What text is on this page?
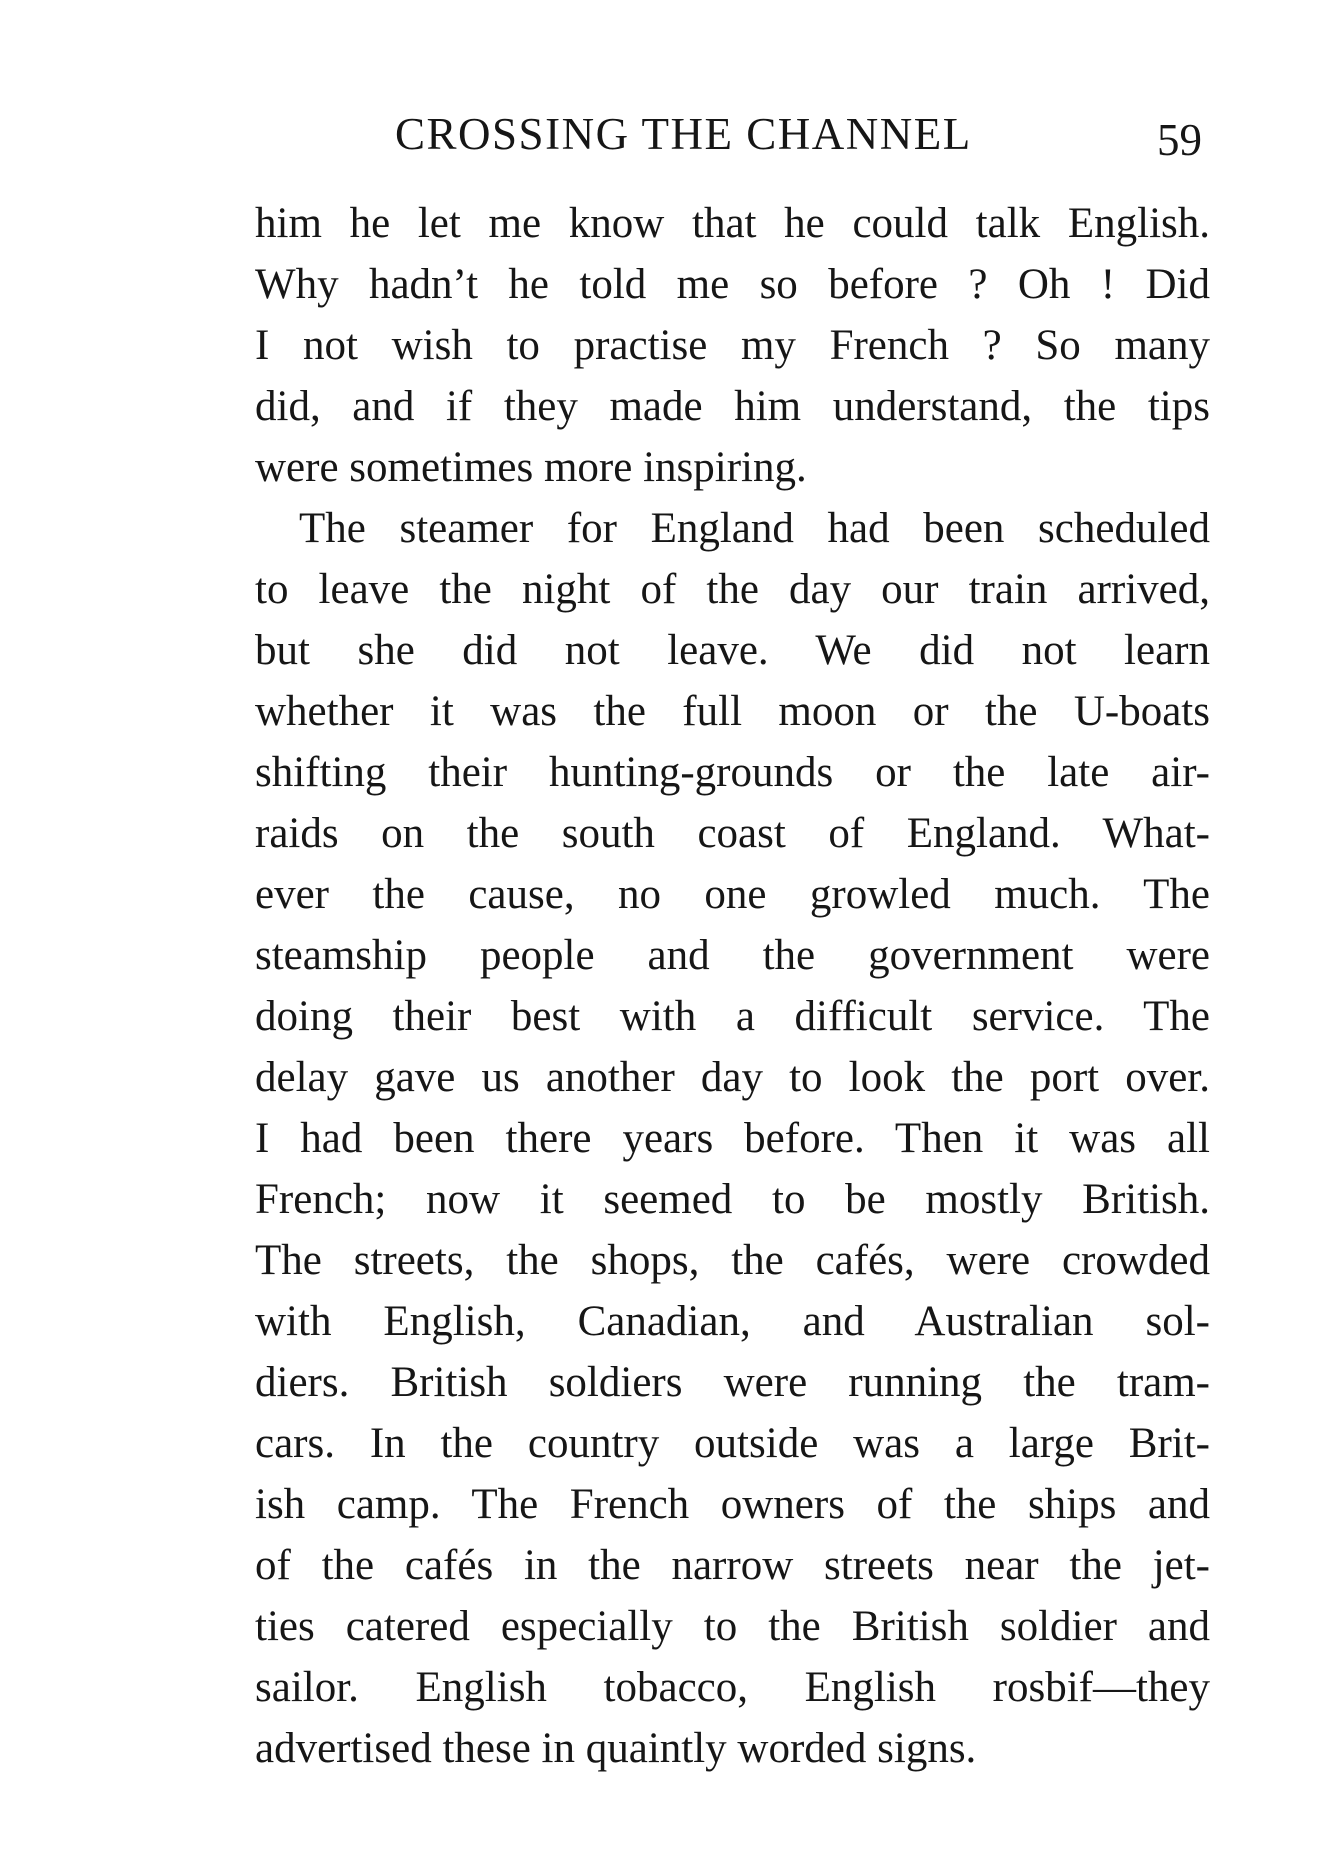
CROSSING THE CHANNEL	59
him he let me know that he could talk English.
Why hadn’t he told me so before ? Oh ! Did
I not wish to practise my French ? So many
did, and if they made him understand, the tips
were sometimes more inspiring.
The steamer for England had been scheduled
to leave the night of the day our train arrived,
but she did not leave. We did not learn
whether it was the full moon or the U-boats
shifting their hunting-grounds or the late air-
raids on the south coast of England. What-
ever the cause, no one growled much. The
steamship people and the government were
doing their best with a difficult service. The
delay gave us another day to look the port over.
I had been there years before. Then it was all
French; now it seemed to be mostly British.
The streets, the shops, the cafés, were crowded
with English, Canadian, and Australian sol-
diers. British soldiers were running the tram-
cars. In the country outside was a large Brit-
ish camp. The French owners of the ships and
of the cafés in the narrow streets near the jet-
ties catered especially to the British soldier and
sailor. English tobacco, English rosbif—they
advertised these in quaintly worded signs.
